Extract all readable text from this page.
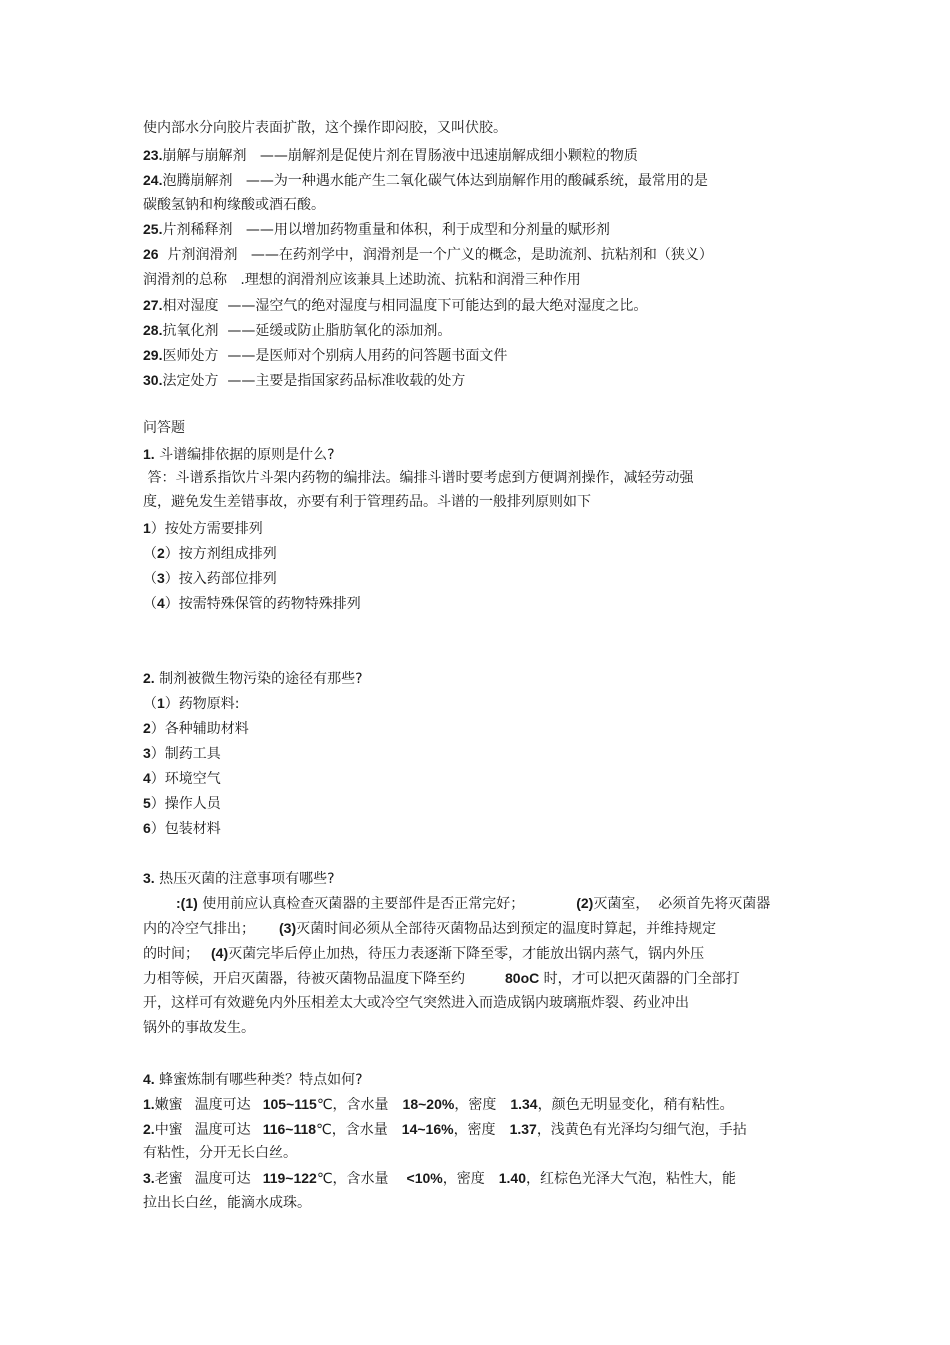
使内部水分向胶片表面扩散，这个操作即闷胶，又叫伏胶。
23.崩解与崩解剂   ——崩解剂是促使片剂在胃肠液中迅速崩解成细小颗粒的物质
24.泡腾崩解剂   ——为一种遇水能产生二氧化碳气体达到崩解作用的酸碱系统，最常用的是
碳酸氢钠和枸缘酸或酒石酸。
25.片剂稀释剂   ——用以增加药物重量和体积，利于成型和分剂量的赋形剂
26  片剂润滑剂   ——在药剂学中，润滑剂是一个广义的概念，是助流剂、抗粘剂和（狭义）
润滑剂的总称   .理想的润滑剂应该兼具上述助流、抗粘和润滑三种作用
27.相对湿度  ——湿空气的绝对湿度与相同温度下可能达到的最大绝对湿度之比。
28.抗氧化剂  ——延缓或防止脂肪氧化的添加剂。
29.医师处方  ——是医师对个别病人用药的问答题书面文件
30.法定处方  ——主要是指国家药品标准收载的处方
问答题
1. 斗谱编排依据的原则是什么?
答：斗谱系指饮片斗架内药物的编排法。编排斗谱时要考虑到方便调剂操作，减轻劳动强
度，避免发生差错事故，亦要有利于管理药品。斗谱的一般排列原则如下
1）按处方需要排列
（2）按方剂组成排列
（3）按入药部位排列
（4）按需特殊保管的药物特殊排列
2. 制剂被微生物污染的途径有那些?
（1）药物原料:
2）各种辅助材料
3）制药工具
4）环境空气
5）操作人员
6）包装材料
3. 热压灭菌的注意事项有哪些?
:(1) 使用前应认真检查灭菌器的主要部件是否正常完好；	(2)灭菌室，  必须首先将灭菌器
内的冷空气排出； (3)灭菌时间必须从全部待灭菌物品达到预定的温度时算起，并维持规定
的时间； (4)灭菌完毕后停止加热，待压力表逐渐下降至零，才能放出锅内蒸气，锅内外压
力相等候，开启灭菌器，待被灭菌物品温度下降至约	80oC 时，才可以把灭菌器的门全部打
开，这样可有效避免内外压相差太大或冷空气突然进入而造成锅内玻璃瓶炸裂、药业冲出
锅外的事故发生。
4. 蜂蜜炼制有哪些种类？特点如何?
1.嫩蜜 温度可达 105~115℃，含水量 18~20%，密度 1.34，颜色无明显变化，稍有粘性。
2.中蜜 温度可达 116~118℃，含水量 14~16%，密度 1.37，浅黄色有光泽均匀细气泡，手拈
有粘性，分开无长白丝。
3.老蜜 温度可达 119~122℃，含水量 <10%，密度 1.40，红棕色光泽大气泡，粘性大，能
拉出长白丝，能滴水成珠。
